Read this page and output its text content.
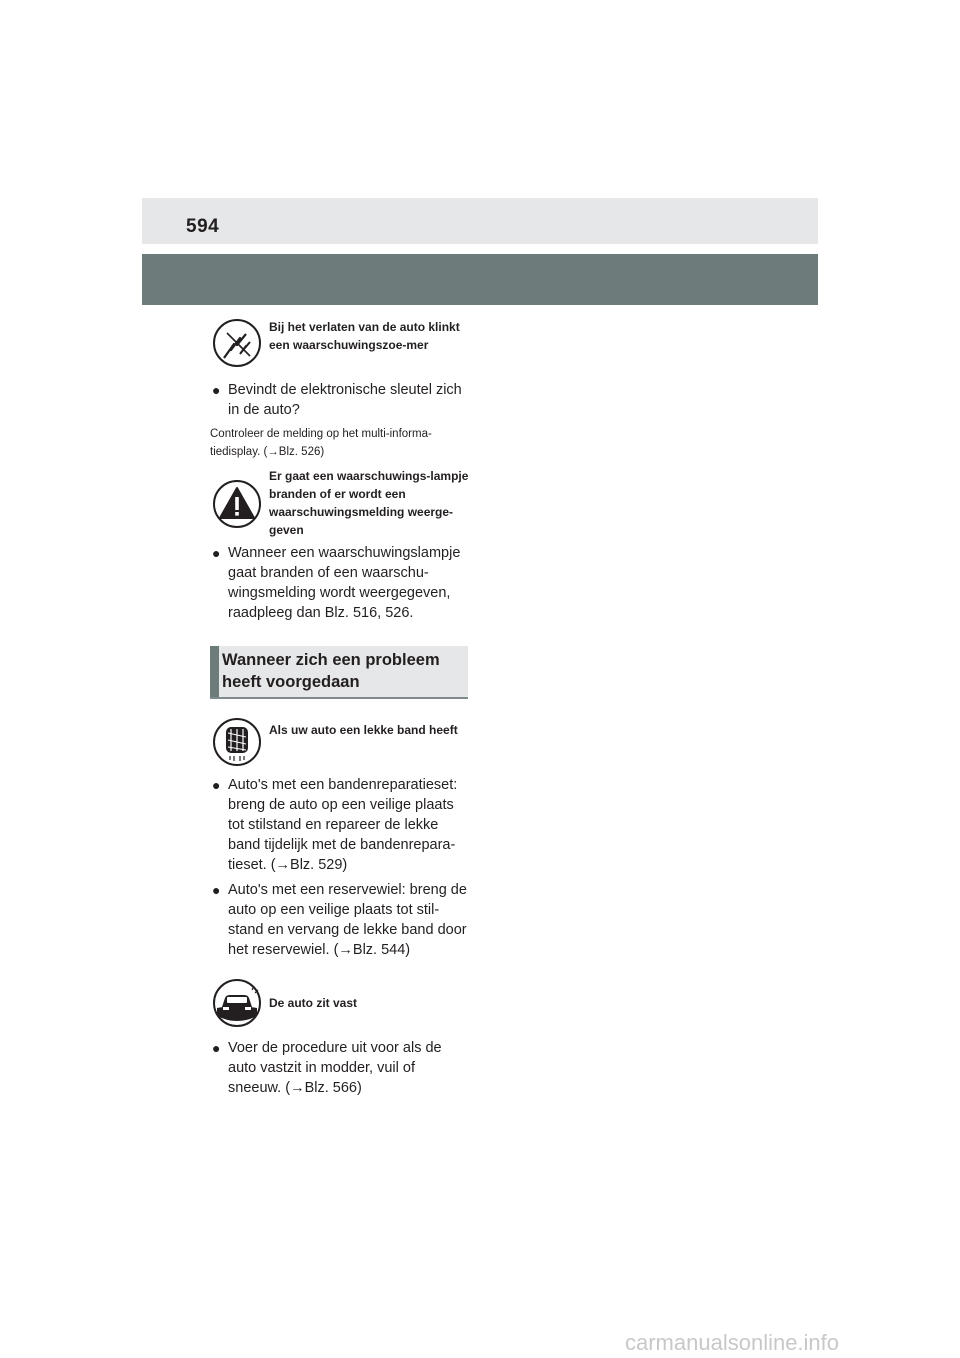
594
Bij het verlaten van de auto klinkt een waarschuwingszoe-mer
● Bevindt de elektronische sleutel zich in de auto?
Controleer de melding op het multi-informa-tiedisplay. (→Blz. 526)
Er gaat een waarschuwings-lampje branden of er wordt een waarschuwingsmelding weerge-geven
● Wanneer een waarschuwingslampje gaat branden of een waarschu-wingsmelding wordt weergegeven, raadpleeg dan Blz. 516, 526.
Wanneer zich een probleem heeft voorgedaan
Als uw auto een lekke band heeft
● Auto's met een bandenreparatieset: breng de auto op een veilige plaats tot stilstand en repareer de lekke band tijdelijk met de bandenrepara-tieset. (→Blz. 529)
● Auto's met een reservewiel: breng de auto op een veilige plaats tot stil-stand en vervang de lekke band door het reservewiel. (→Blz. 544)
De auto zit vast
● Voer de procedure uit voor als de auto vastzit in modder, vuil of sneeuw. (→Blz. 566)
carmanualsonline.info
